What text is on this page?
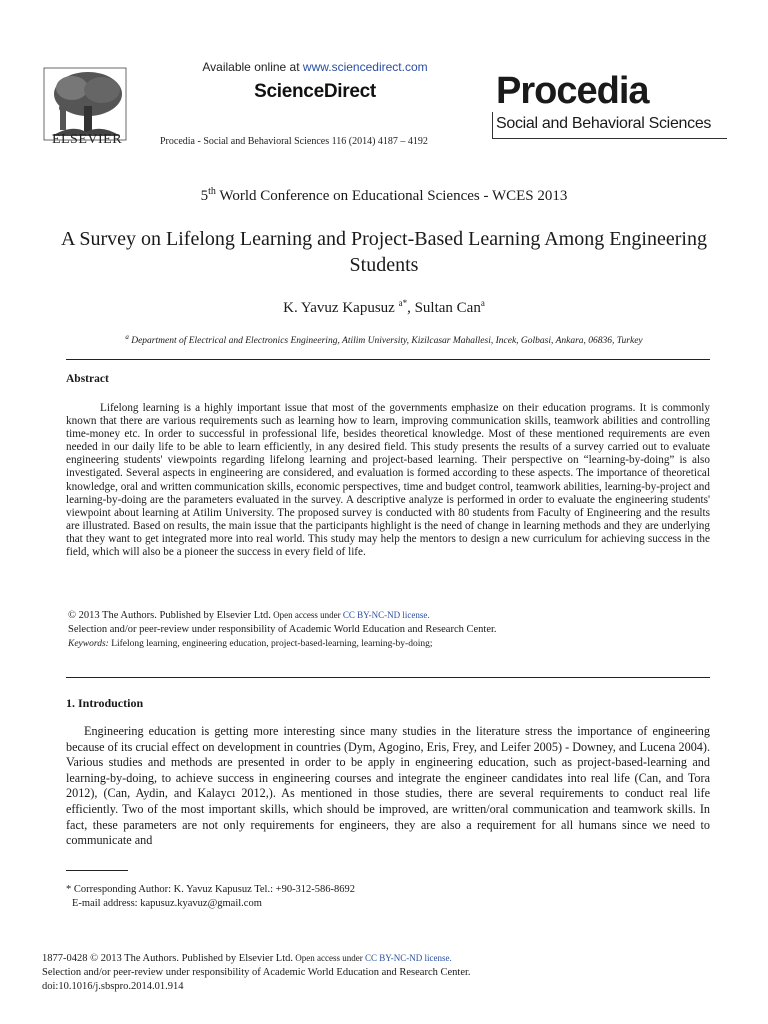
ELSEVIER
Available online at www.sciencedirect.com
ScienceDirect
Procedia - Social and Behavioral Sciences 116 (2014) 4187 – 4192
Procedia
Social and Behavioral Sciences
5th World Conference on Educational Sciences - WCES 2013
A Survey on Lifelong Learning and Project-Based Learning Among Engineering Students
K. Yavuz Kapusuz $^{a*}$, Sultan Can$^a$
$^a$ Department of Electrical and Electronics Engineering, Atilim University, Kizilcasar Mahallesi, Incek, Golbasi, Ankara, 06836, Turkey
Abstract
Lifelong learning is a highly important issue that most of the governments emphasize on their education programs. It is commonly known that there are various requirements such as learning how to learn, improving communication skills, teamwork abilities and controlling time-money etc. In order to successful in professional life, besides theoretical knowledge. Most of these mentioned requirements are even needed in our daily life to be able to learn efficiently, in any desired field. This study presents the results of a survey carried out to evaluate engineering students' viewpoints regarding lifelong learning and project-based learning. Their perspective on “learning-by-doing” is also investigated. Several aspects in engineering are considered, and evaluation is formed according to these aspects. The importance of theoretical knowledge, oral and written communication skills, economic perspectives, time and budget control, teamwork abilities, learning-by-project and learning-by-doing are the parameters evaluated in the survey. A descriptive analyze is performed in order to evaluate the engineering students' viewpoint about learning at Atilim University. The proposed survey is conducted with 80 students from Faculty of Engineering and the results are illustrated. Based on results, the main issue that the participants highlight is the need of change in learning methods and they are underlying that they want to get integrated more into real world. This study may help the mentors to design a new curriculum for achieving success in the field, which will also be a pioneer the success in every field of life.
© 2013 The Authors. Published by Elsevier Ltd. Open access under CC BY-NC-ND license.
Selection and/or peer-review under responsibility of Academic World Education and Research Center.
Keywords: Lifelong learning, engineering education, project-based-learning, learning-by-doing;
1. Introduction
Engineering education is getting more interesting since many studies in the literature stress the importance of engineering because of its crucial effect on development in countries (Dym, Agogino, Eris, Frey, and Leifer 2005) - Downey, and Lucena 2004). Various studies and methods are presented in order to be apply in engineering education, such as project-based-learning and learning-by-doing, to achieve success in engineering courses and integrate the engineer candidates into real life (Can, and Tora 2012), (Can, Aydin, and Kalaycı 2012,). As mentioned in those studies, there are several requirements to conduct real life efficiently. Two of the most important skills, which should be improved, are written/oral communication and teamwork skills. In fact, these parameters are not only requirements for engineers, they are also a requirement for all humans since we need to communicate and
* Corresponding Author: K. Yavuz Kapusuz Tel.: +90-312-586-8692
E-mail address: kapusuz.kyavuz@gmail.com
1877-0428 © 2013 The Authors. Published by Elsevier Ltd. Open access under CC BY-NC-ND license.
Selection and/or peer-review under responsibility of Academic World Education and Research Center.
doi:10.1016/j.sbspro.2014.01.914
